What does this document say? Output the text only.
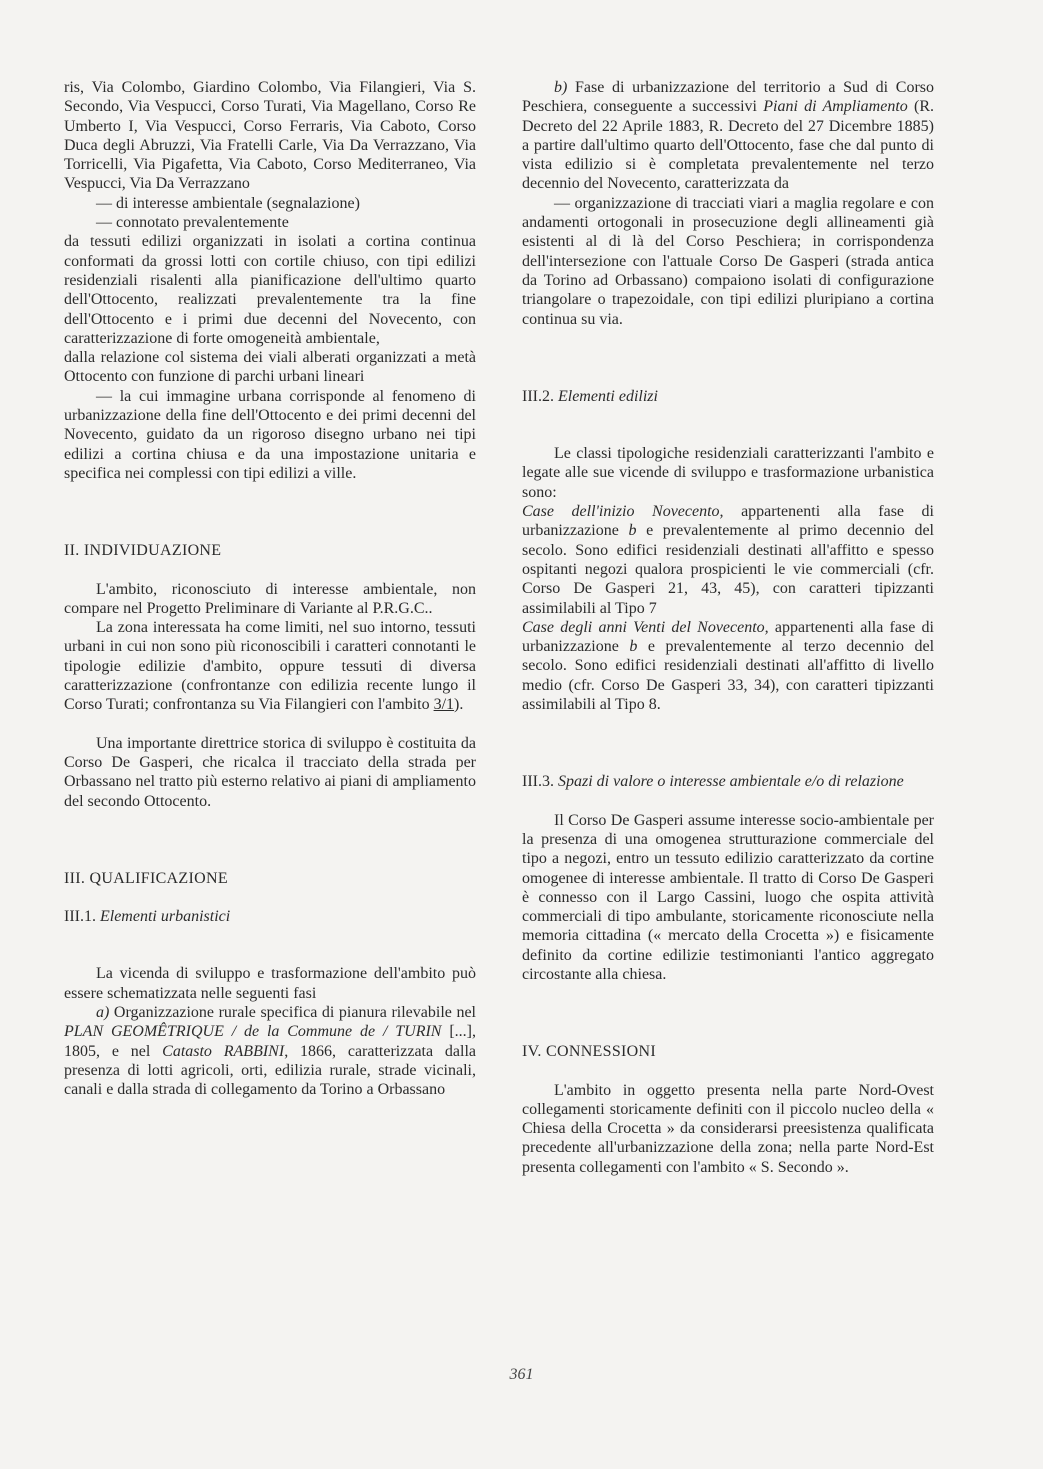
ris, Via Colombo, Giardino Colombo, Via Filangieri, Via S. Secondo, Via Vespucci, Corso Turati, Via Magellano, Corso Re Umberto I, Via Vespucci, Corso Ferraris, Via Caboto, Corso Duca degli Abruzzi, Via Fratelli Carle, Via Da Verrazzano, Via Torricelli, Via Pigafetta, Via Caboto, Corso Mediterraneo, Via Vespucci, Via Da Verrazzano

— di interesse ambientale (segnalazione)

— connotato prevalentemente

da tessuti edilizi organizzati in isolati a cortina continua conformati da grossi lotti con cortile chiuso, con tipi edilizi residenziali risalenti alla pianificazione dell'ultimo quarto dell'Ottocento, realizzati prevalentemente tra la fine dell'Ottocento e i primi due decenni del Novecento, con caratterizzazione di forte omogeneità ambientale,

dalla relazione col sistema dei viali alberati organizzati a metà Ottocento con funzione di parchi urbani lineari

— la cui immagine urbana corrisponde al fenomeno di urbanizzazione della fine dell'Ottocento e dei primi decenni del Novecento, guidato da un rigoroso disegno urbano nei tipi edilizi a cortina chiusa e da una impostazione unitaria e specifica nei complessi con tipi edilizi a ville.

II. INDIVIDUAZIONE

L'ambito, riconosciuto di interesse ambientale, non compare nel Progetto Preliminare di Variante al P.R.G.C..

La zona interessata ha come limiti, nel suo intorno, tessuti urbani in cui non sono più riconoscibili i caratteri connotanti le tipologie edilizie d'ambito, oppure tessuti di diversa caratterizzazione (confrontanze con edilizia recente lungo il Corso Turati; confrontanza su Via Filangieri con l'ambito 3/1).

Una importante direttrice storica di sviluppo è costituita da Corso De Gasperi, che ricalca il tracciato della strada per Orbassano nel tratto più esterno relativo ai piani di ampliamento del secondo Ottocento.

III. QUALIFICAZIONE
III.1. Elementi urbanistici

La vicenda di sviluppo e trasformazione dell'ambito può essere schematizzata nelle seguenti fasi

a) Organizzazione rurale specifica di pianura rilevabile nel PLAN GEOMÊTRIQUE / de la Commune de / TURIN [...], 1805, e nel Catasto RABBINI, 1866, caratterizzata dalla presenza di lotti agricoli, orti, edilizia rurale, strade vicinali, canali e dalla strada di collegamento da Torino a Orbassano

b) Fase di urbanizzazione del territorio a Sud di Corso Peschiera, conseguente a successivi Piani di Ampliamento (R. Decreto del 22 Aprile 1883, R. Decreto del 27 Dicembre 1885) a partire dall'ultimo quarto dell'Ottocento, fase che dal punto di vista edilizio si è completata prevalentemente nel terzo decennio del Novecento, caratterizzata da

— organizzazione di tracciati viari a maglia regolare e con andamenti ortogonali in prosecuzione degli allineamenti già esistenti al di là del Corso Peschiera; in corrispondenza dell'intersezione con l'attuale Corso De Gasperi (strada antica da Torino ad Orbassano) compaiono isolati di configurazione triangolare o trapezoidale, con tipi edilizi pluripiano a cortina continua su via.

III.2. Elementi edilizi

Le classi tipologiche residenziali caratterizzanti l'ambito e legate alle sue vicende di sviluppo e trasformazione urbanistica sono:

Case dell'inizio Novecento, appartenenti alla fase di urbanizzazione b e prevalentemente al primo decennio del secolo. Sono edifici residenziali destinati all'affitto e spesso ospitanti negozi qualora prospicienti le vie commerciali (cfr. Corso De Gasperi 21, 43, 45), con caratteri tipizzanti assimilabili al Tipo 7

Case degli anni Venti del Novecento, appartenenti alla fase di urbanizzazione b e prevalentemente al terzo decennio del secolo. Sono edifici residenziali destinati all'affitto di livello medio (cfr. Corso De Gasperi 33, 34), con caratteri tipizzanti assimilabili al Tipo 8.

III.3. Spazi di valore o interesse ambientale e/o di relazione

Il Corso De Gasperi assume interesse socio-ambientale per la presenza di una omogenea strutturazione commerciale del tipo a negozi, entro un tessuto edilizio caratterizzato da cortine omogenee di interesse ambientale. Il tratto di Corso De Gasperi è connesso con il Largo Cassini, luogo che ospita attività commerciali di tipo ambulante, storicamente riconosciute nella memoria cittadina (« mercato della Crocetta ») e fisicamente definito da cortine edilizie testimonianti l'antico aggregato circostante alla chiesa.

IV. CONNESSIONI

L'ambito in oggetto presenta nella parte Nord-Ovest collegamenti storicamente definiti con il piccolo nucleo della « Chiesa della Crocetta » da considerarsi preesistenza qualificata precedente all'urbanizzazione della zona; nella parte Nord-Est presenta collegamenti con l'ambito « S. Secondo ».

361
